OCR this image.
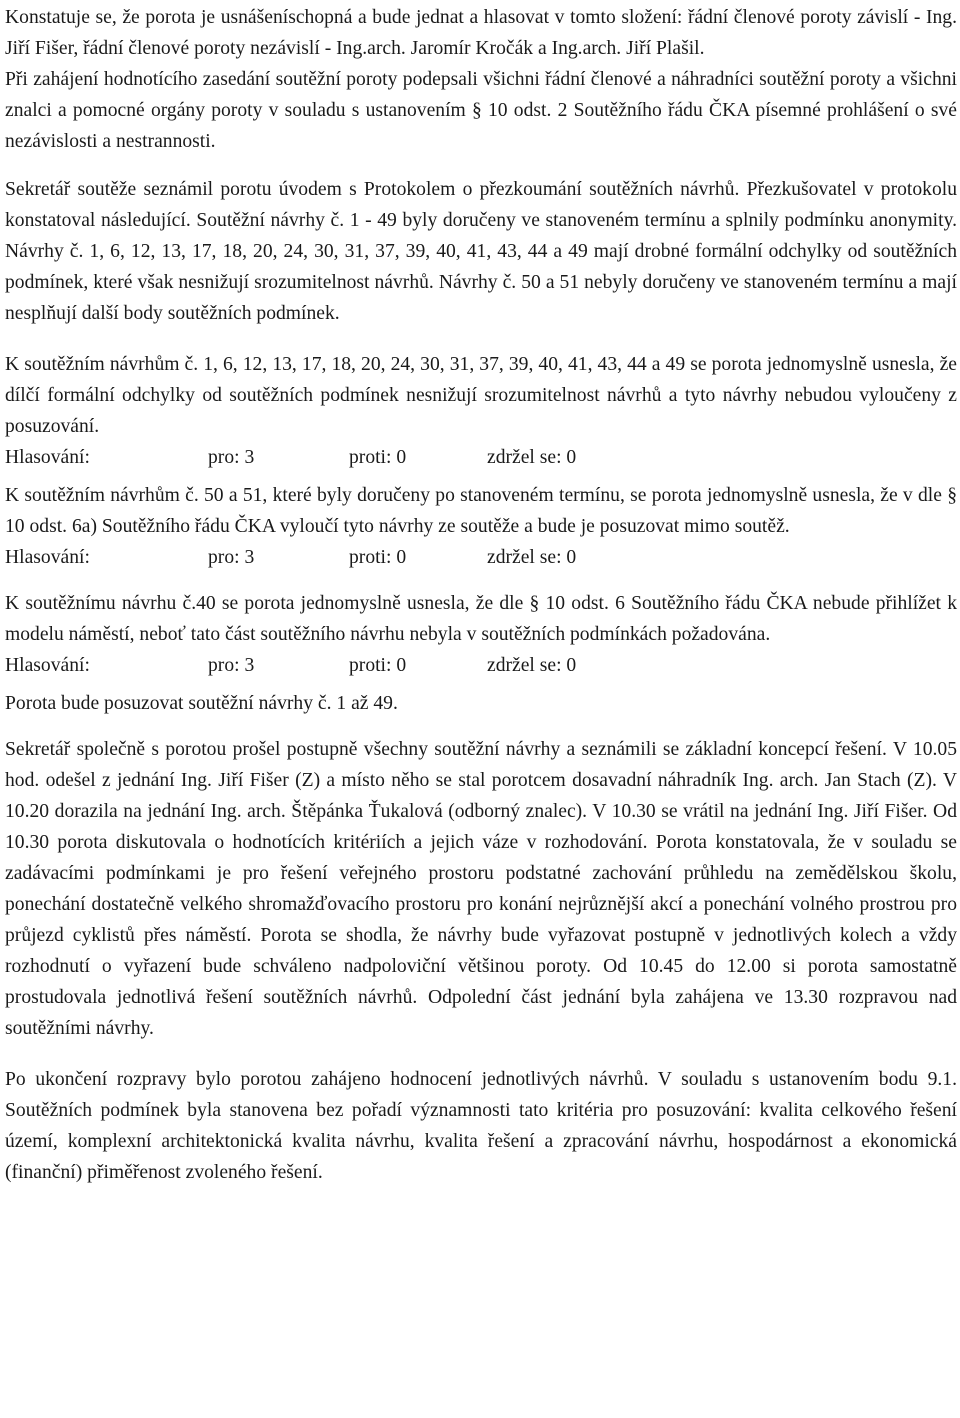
Konstatuje se, že porota je usnášeníschopná a bude jednat a hlasovat v tomto složení: řádní členové poroty závislí - Ing. Jiří Fišer, řádní členové poroty nezávislí - Ing.arch. Jaromír Kročák a Ing.arch. Jiří Plašil.

Při zahájení hodnotícího zasedání soutěžní poroty podepsali všichni řádní členové a náhradníci soutěžní poroty a všichni znalci a pomocné orgány poroty v souladu s ustanovením § 10 odst. 2 Soutěžního řádu ČKA písemné prohlášení o své nezávislosti a nestrannosti.

Sekretář soutěže seznámil porotu úvodem s Protokolem o přezkoumání soutěžních návrhů. Přezkušovatel v protokolu konstatoval následující. Soutěžní návrhy č. 1 - 49 byly doručeny ve stanoveném termínu a splnily podmínku anonymity. Návrhy č. 1, 6, 12, 13, 17, 18, 20, 24, 30, 31, 37, 39, 40, 41, 43, 44 a 49 mají drobné formální odchylky od soutěžních podmínek, které však nesnižují srozumitelnost návrhů. Návrhy č. 50 a 51 nebyly doručeny ve stanoveném termínu a mají nesplňují další body soutěžních podmínek.

K soutěžním návrhům č. 1, 6, 12, 13, 17, 18, 20, 24, 30, 31, 37, 39, 40, 41, 43, 44 a 49 se porota jednomyslně usnesla, že dílčí formální odchylky od soutěžních podmínek nesnižují srozumitelnost návrhů a tyto návrhy nebudou vyloučeny z posuzování.

Hlasování:	pro: 3	proti: 0	zdržel se: 0

K soutěžním návrhům č. 50 a 51, které byly doručeny po stanoveném termínu, se porota jednomyslně usnesla, že v dle § 10 odst. 6a) Soutěžního řádu ČKA vyloučí tyto návrhy ze soutěže a bude je posuzovat mimo soutěž.

Hlasování:	pro: 3	proti: 0	zdržel se: 0

K soutěžnímu návrhu č.40 se porota jednomyslně usnesla, že dle § 10 odst. 6 Soutěžního řádu ČKA nebude přihlížet k modelu náměstí, neboť tato část soutěžního návrhu nebyla v soutěžních podmínkách požadována.

Hlasování:	pro: 3	proti: 0	zdržel se: 0

Porota bude posuzovat soutěžní návrhy č. 1 až 49.

Sekretář společně s porotou prošel postupně všechny soutěžní návrhy a seznámili se základní koncepcí řešení. V 10.05 hod. odešel z jednání Ing. Jiří Fišer (Z) a místo něho se stal porotcem dosavadní náhradník Ing. arch. Jan Stach (Z). V 10.20 dorazila na jednání Ing. arch. Štěpánka Ťukalová (odborný znalec). V 10.30 se vrátil na jednání Ing. Jiří Fišer. Od 10.30 porota diskutovala o hodnotících kritériích a jejich váze v rozhodování. Porota konstatovala, že v souladu se zadávacími podmínkami je pro řešení veřejného prostoru podstatné zachování průhledu na zemědělskou školu, ponechání dostatečně velkého shromažďovacího prostoru pro konání nejrůznější akcí a ponechání volného prostrou pro průjezd cyklistů přes náměstí. Porota se shodla, že návrhy bude vyřazovat postupně v jednotlivých kolech a vždy rozhodnutí o vyřazení bude schváleno nadpoloviční většinou poroty. Od 10.45 do 12.00 si porota samostatně prostudovala jednotlivá řešení soutěžních návrhů. Odpolední část jednání byla zahájena ve 13.30 rozpravou nad soutěžními návrhy.

Po ukončení rozpravy bylo porotou zahájeno hodnocení jednotlivých návrhů. V souladu s ustanovením bodu 9.1. Soutěžních podmínek byla stanovena bez pořadí významnosti tato kritéria pro posuzování: kvalita celkového řešení území, komplexní architektonická kvalita návrhu, kvalita řešení a zpracování návrhu, hospodárnost a ekonomická (finanční) přiměřenost zvoleného řešení.
